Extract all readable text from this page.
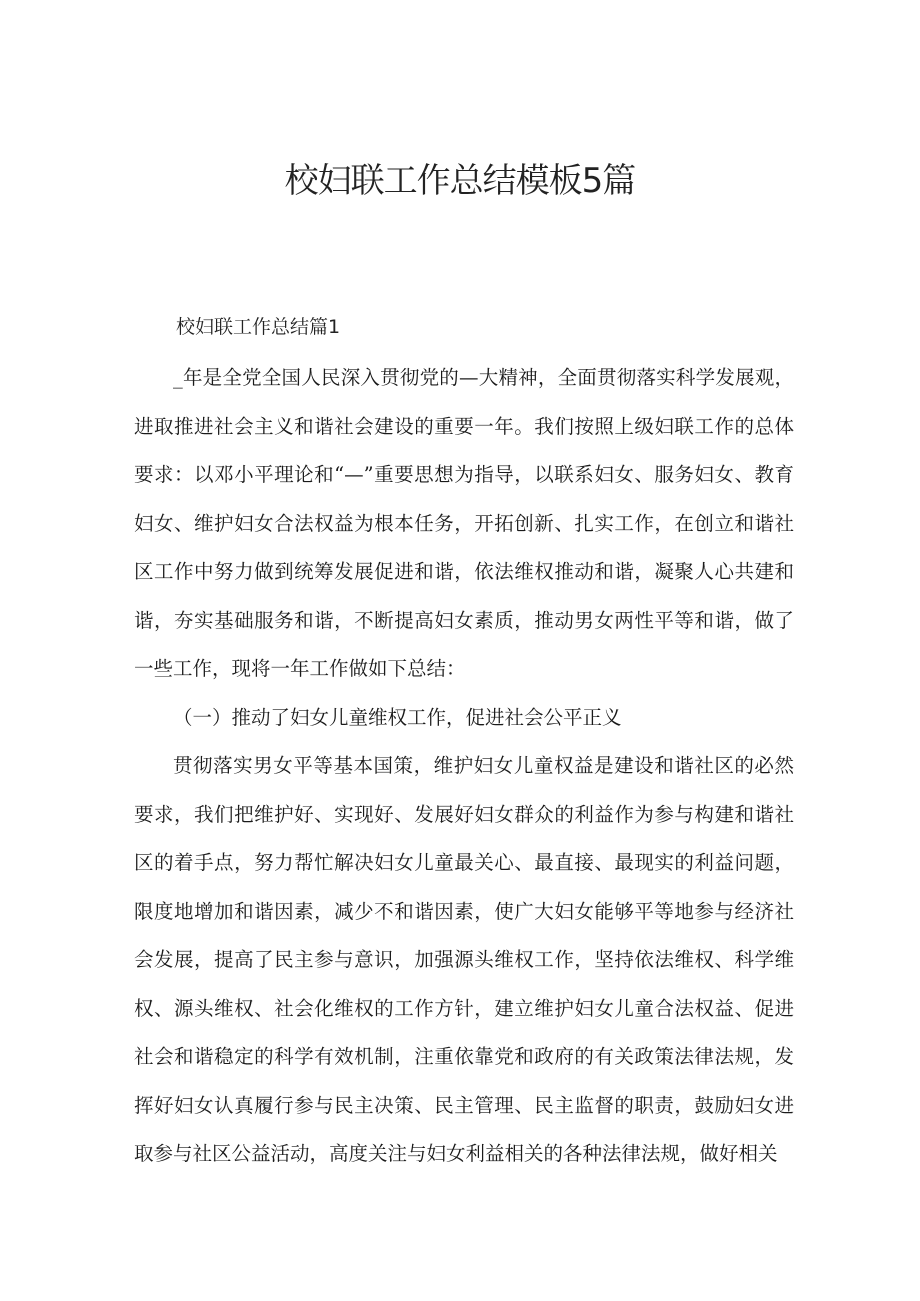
校妇联工作总结模板5篇
校妇联工作总结篇1

_年是全党全国人民深入贯彻党的—大精神，全面贯彻落实科学发展观，进取推进社会主义和谐社会建设的重要一年。我们按照上级妇联工作的总体要求：以邓小平理论和“—”重要思想为指导，以联系妇女、服务妇女、教育妇女、维护妇女合法权益为根本任务，开拓创新、扎实工作，在创立和谐社区工作中努力做到统筹发展促进和谐，依法维权推动和谐，凝聚人心共建和谐，夯实基础服务和谐，不断提高妇女素质，推动男女两性平等和谐，做了一些工作，现将一年工作做如下总结：

（一）推动了妇女儿童维权工作，促进社会公平正义

贯彻落实男女平等基本国策，维护妇女儿童权益是建设和谐社区的必然要求，我们把维护好、实现好、发展好妇女群众的利益作为参与构建和谐社区的着手点，努力帮忙解决妇女儿童最关心、最直接、最现实的利益问题，限度地增加和谐因素，减少不和谐因素，使广大妇女能够平等地参与经济社会发展，提高了民主参与意识，加强源头维权工作，坚持依法维权、科学维权、源头维权、社会化维权的工作方针，建立维护妇女儿童合法权益、促进社会和谐稳定的科学有效机制，注重依靠党和政府的有关政策法律法规，发挥好妇女认真履行参与民主决策、民主管理、民主监督的职责，鼓励妇女进取参与社区公益活动，高度关注与妇女利益相关的各种法律法规，做好相关
